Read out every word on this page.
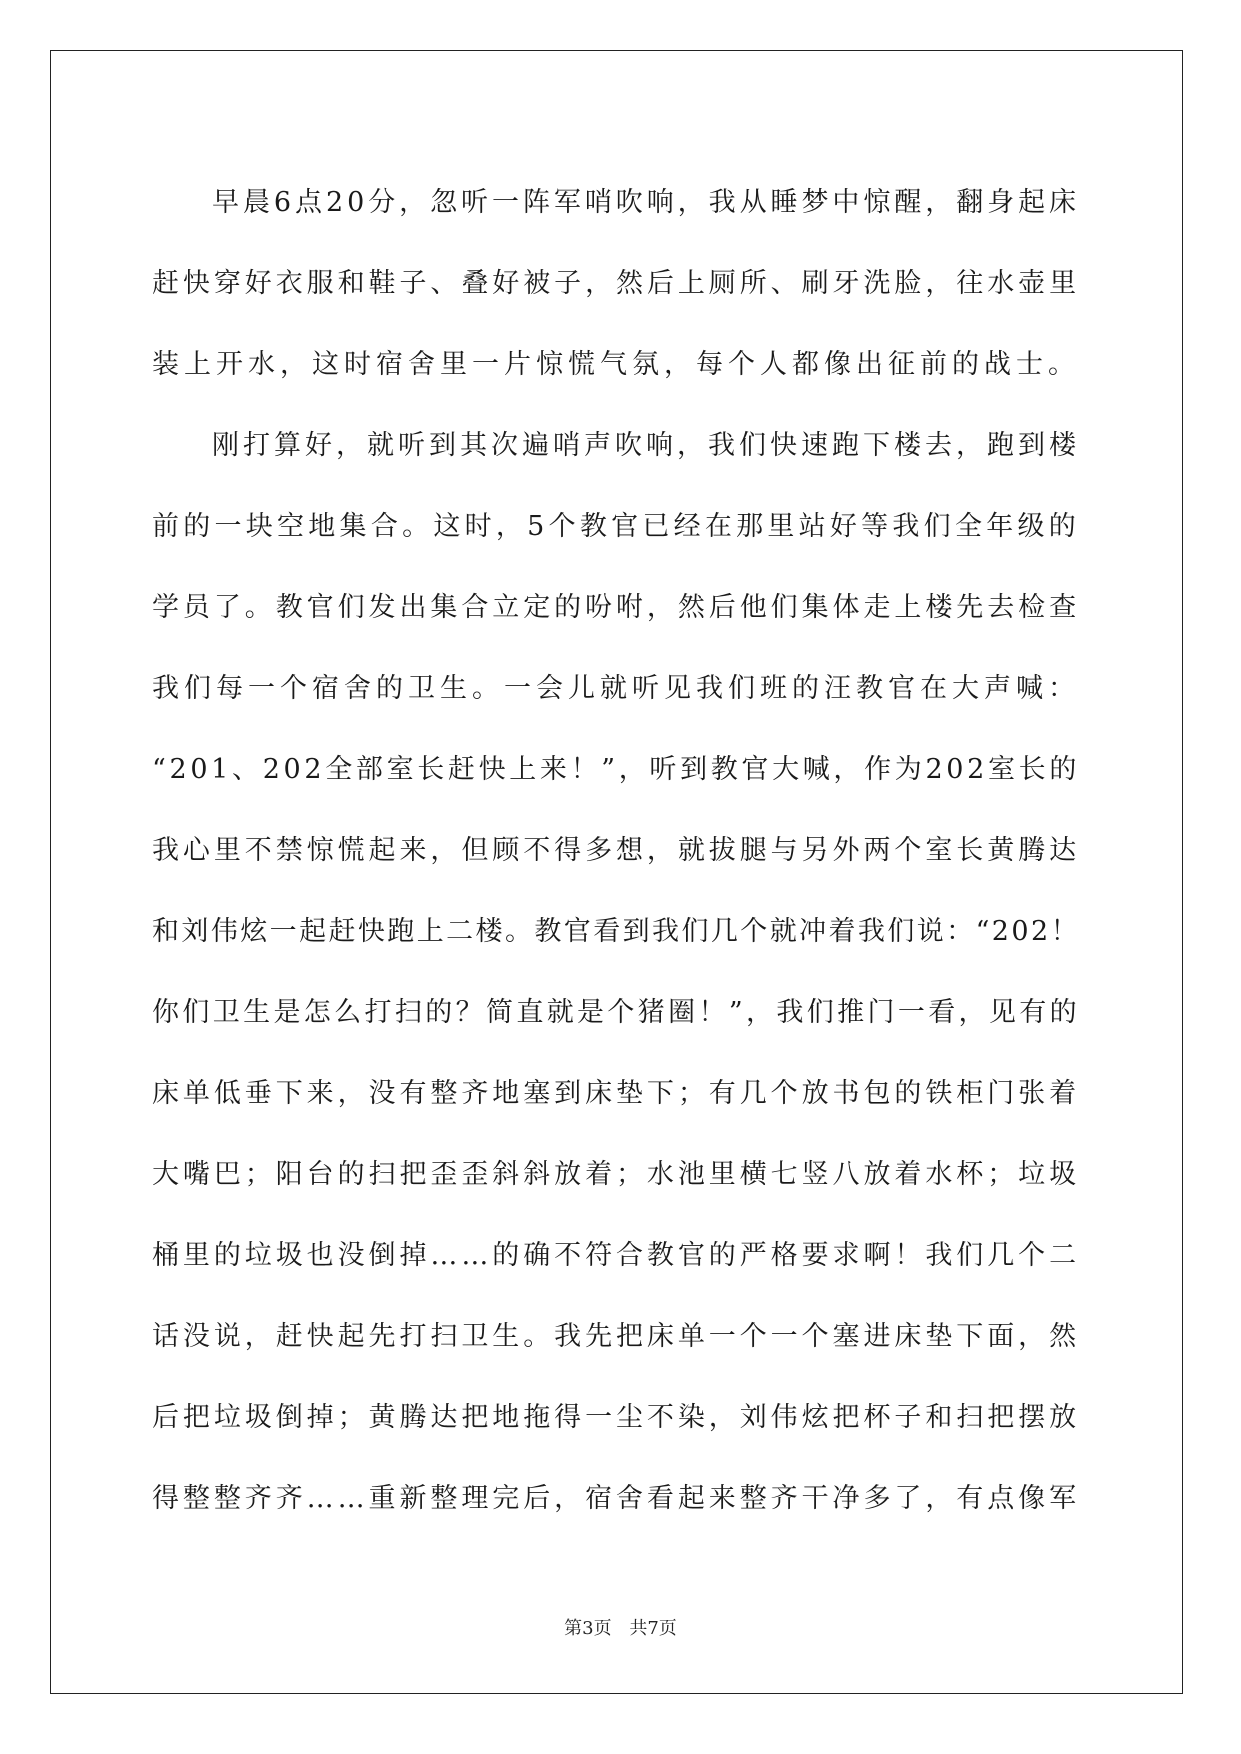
早晨6点20分，忽听一阵军哨吹响，我从睡梦中惊醒，翻身起床
赶快穿好衣服和鞋子、叠好被子，然后上厕所、刷牙洗脸，往水壶里
装上开水，这时宿舍里一片惊慌气氛，每个人都像出征前的战士。
刚打算好，就听到其次遍哨声吹响，我们快速跑下楼去，跑到楼
前的一块空地集合。这时，5个教官已经在那里站好等我们全年级的
学员了。教官们发出集合立定的吩咐，然后他们集体走上楼先去检查
我们每一个宿舍的卫生。一会儿就听见我们班的汪教官在大声喊：
“201、202全部室长赶快上来！”，听到教官大喊，作为202室长的
我心里不禁惊慌起来，但顾不得多想，就拔腿与另外两个室长黄腾达
和刘伟炫一起赶快跑上二楼。教官看到我们几个就冲着我们说：“202！
你们卫生是怎么打扫的？简直就是个猪圈！”，我们推门一看，见有的
床单低垂下来，没有整齐地塞到床垫下；有几个放书包的铁柜门张着
大嘴巴；阳台的扫把歪歪斜斜放着；水池里横七竖八放着水杯；垃圾
桶里的垃圾也没倒掉……的确不符合教官的严格要求啊！我们几个二
话没说，赶快起先打扫卫生。我先把床单一个一个塞进床垫下面，然
后把垃圾倒掉；黄腾达把地拖得一尘不染，刘伟炫把杯子和扫把摆放
得整整齐齐……重新整理完后，宿舍看起来整齐干净多了，有点像军
第3页 共7页
